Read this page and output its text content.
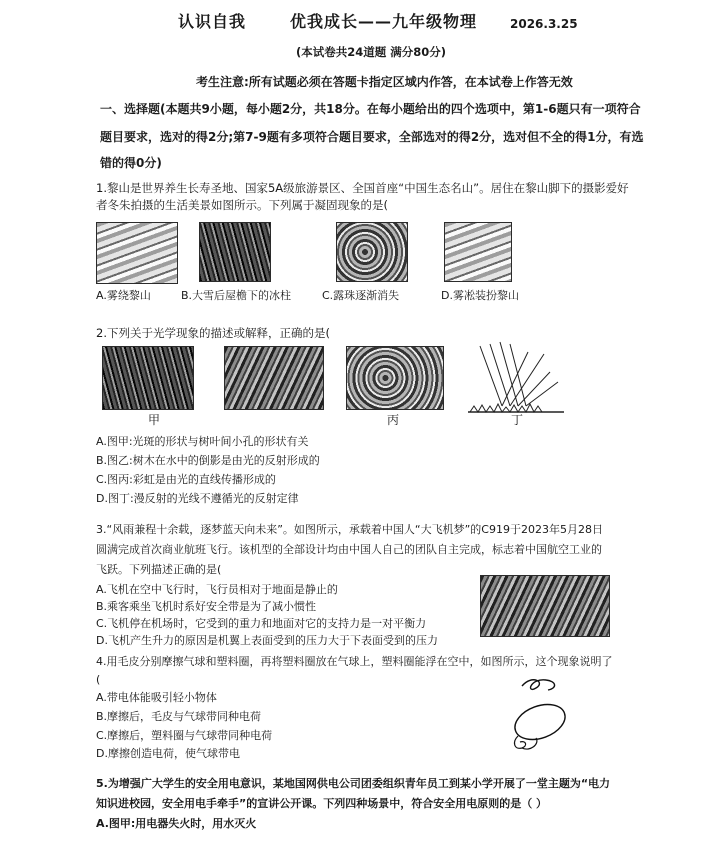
认识自我	优我成长——九年级物理	2026.3.25
(本试卷共24道题 满分80分)
考生注意:所有试题必须在答题卡指定区域内作答，在本试卷上作答无效
一、选择题(本题共9小题，每小题2分，共18分。在每小题给出的四个选项中，第1-6题只有一项符合
题目要求，选对的得2分;第7-9题有多项符合题目要求，全部选对的得2分，选对但不全的得1分，有选
错的得0分)
1.黎山是世界养生长寿圣地、国家5A级旅游景区、全国首座“中国生态名山”。居住在黎山脚下的摄影爱好
者冬朱拍摄的生活美景如图所示。下列属于凝固现象的是(
A.雾绕黎山	B.大雪后屋檐下的冰柱	C.露珠逐渐消失	D.雾凇装扮黎山
2.下列关于光学现象的描述或解释，正确的是(
甲	丙	丁
A.图甲:光斑的形状与树叶间小孔的形状有关
B.图乙:树木在水中的倒影是由光的反射形成的
C.图丙:彩虹是由光的直线传播形成的
D.图丁:漫反射的光线不遵循光的反射定律
3.“风雨兼程十余载，逐梦蓝天向未来”。如图所示，承载着中国人“大飞机梦”的C919于2023年5月28日
圆满完成首次商业航班飞行。该机型的全部设计均由中国人自己的团队自主完成，标志着中国航空工业的
飞跃。下列描述正确的是(
A.飞机在空中飞行时，飞行员相对于地面是静止的
B.乘客乘坐飞机时系好安全带是为了减小惯性
C.飞机停在机场时，它受到的重力和地面对它的支持力是一对平衡力
D.飞机产生升力的原因是机翼上表面受到的压力大于下表面受到的压力
4.用毛皮分别摩擦气球和塑料圈，再将塑料圈放在气球上，塑料圈能浮在空中，如图所示，这个现象说明了
(
A.带电体能吸引轻小物体
B.摩擦后，毛皮与气球带同种电荷
C.摩擦后，塑料圈与气球带同种电荷
D.摩擦创造电荷，使气球带电
5.为增强广大学生的安全用电意识，某地国网供电公司团委组织青年员工到某小学开展了一堂主题为“电力
知识进校园，安全用电手牵手”的宣讲公开课。下列四种场景中，符合安全用电原则的是（ ）
A.图甲:用电器失火时，用水灭火
